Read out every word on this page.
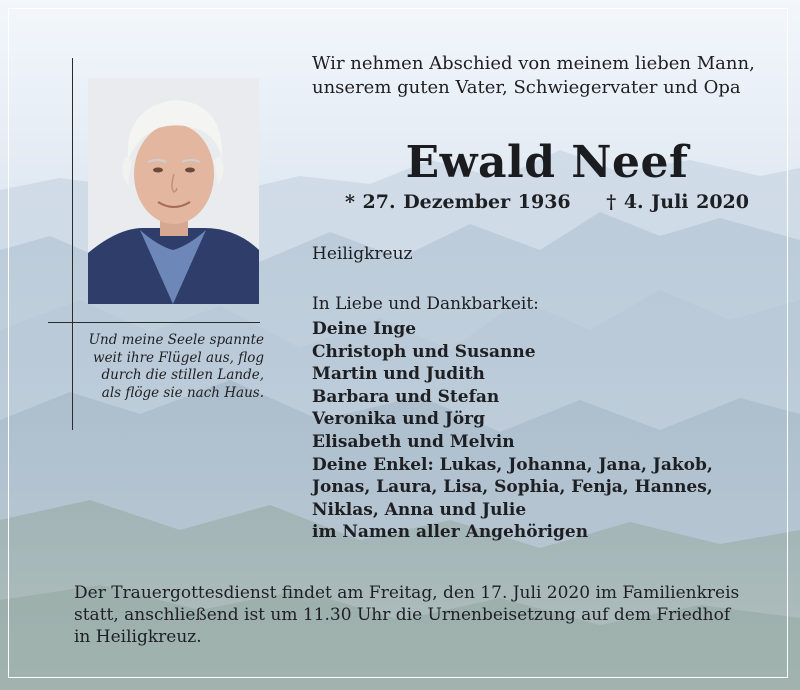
Und meine Seele spannte
weit ihre Flügel aus, flog
durch die stillen Lande,
als flöge sie nach Haus.
Wir nehmen Abschied von meinem lieben Mann,
unserem guten Vater, Schwiegervater und Opa
Ewald Neef
* 27. Dezember 1936 † 4. Juli 2020
Heiligkreuz
In Liebe und Dankbarkeit:
Deine Inge
Christoph und Susanne
Martin und Judith
Barbara und Stefan
Veronika und Jörg
Elisabeth und Melvin
Deine Enkel: Lukas, Johanna, Jana, Jakob,
Jonas, Laura, Lisa, Sophia, Fenja, Hannes,
Niklas, Anna und Julie
im Namen aller Angehörigen
Der Trauergottesdienst findet am Freitag, den 17. Juli 2020 im Familienkreis
statt, anschließend ist um 11.30 Uhr die Urnenbeisetzung auf dem Friedhof
in Heiligkreuz.
